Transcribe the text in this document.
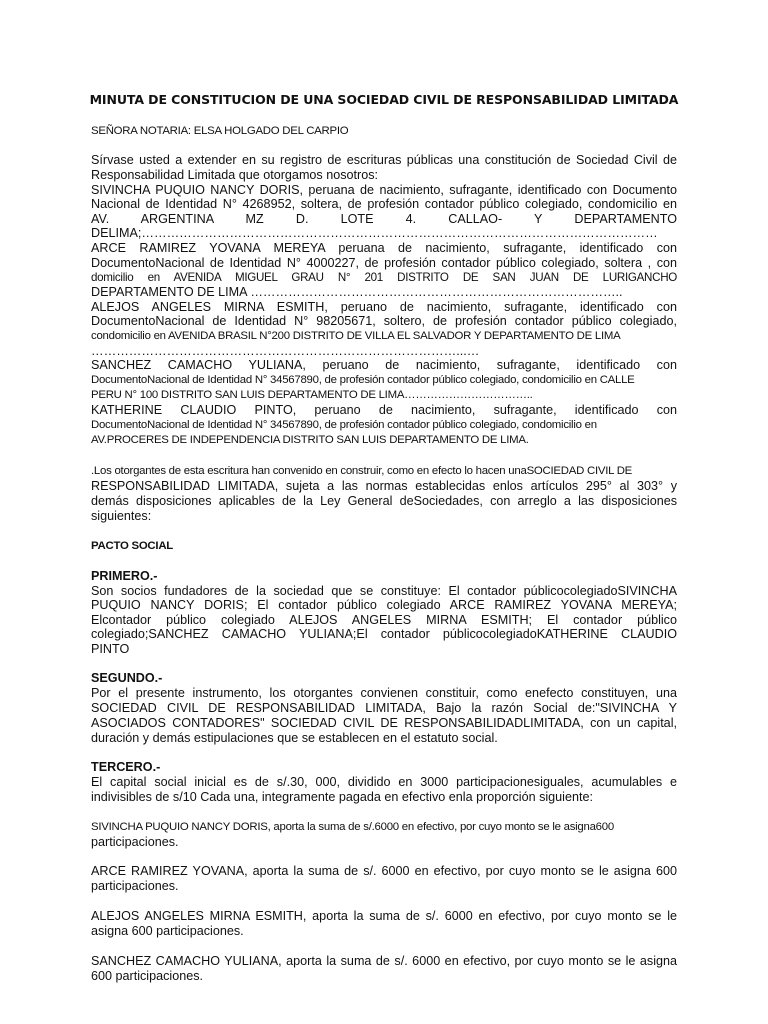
MINUTA DE CONSTITUCION DE UNA SOCIEDAD CIVIL DE RESPONSABILIDAD LIMITADA
SEÑORA NOTARIA: ELSA HOLGADO DEL CARPIO
Sírvase usted a extender en su registro de escrituras públicas una constitución de Sociedad Civil de
Responsabilidad Limitada que otorgamos nosotros:
SIVINCHA PUQUIO NANCY DORIS, peruana de nacimiento, sufragante, identificado con Documento
Nacional de Identidad N° 4268952, soltera, de profesión contador público colegiado, condomicilio en
AV. ARGENTINA MZ D. LOTE 4. CALLAO- Y DEPARTAMENTO
DELIMA;……………………………………………………………………………………………………………
ARCE RAMIREZ YOVANA MEREYA peruana de nacimiento, sufragante, identificado con
DocumentoNacional de Identidad N° 4000227, de profesión contador público colegiado, soltera , con
domicilio en AVENIDA MIGUEL GRAU N° 201 DISTRITO DE SAN JUAN DE LURIGANCHO
DEPARTAMENTO DE LIMA ……………………………………………………………………………..
ALEJOS ANGELES MIRNA ESMITH, peruano de nacimiento, sufragante, identificado con
DocumentoNacional de Identidad N° 98205671, soltero, de profesión contador público colegiado,
condomicilio en AVENIDA BRASIL N°200 DISTRITO DE VILLA EL SALVADOR Y DEPARTAMENTO DE LIMA
……………………………………………………………………………...…
SANCHEZ CAMACHO YULIANA, peruano de nacimiento, sufragante, identificado con
DocumentoNacional de Identidad N° 34567890, de profesión contador público colegiado, condomicilio en CALLE
PERU N° 100 DISTRITO SAN LUIS DEPARTAMENTO DE LIMA……………………………..
KATHERINE CLAUDIO PINTO, peruano de nacimiento, sufragante, identificado con
DocumentoNacional de Identidad N° 34567890, de profesión contador público colegiado, condomicilio en
AV.PROCERES DE INDEPENDENCIA DISTRITO SAN LUIS DEPARTAMENTO DE LIMA.
.Los otorgantes de esta escritura han convenido en construir, como en efecto lo hacen unaSOCIEDAD CIVIL DE
RESPONSABILIDAD LIMITADA, sujeta a las normas establecidas enlos artículos 295° al 303° y
demás disposiciones aplicables de la Ley General deSociedades, con arreglo a las disposiciones
siguientes:
PACTO SOCIAL
PRIMERO.-
Son socios fundadores de la sociedad que se constituye: El contador públicocolegiadoSIVINCHA
PUQUIO NANCY DORIS; El contador público colegiado ARCE RAMIREZ YOVANA MEREYA;
Elcontador público colegiado ALEJOS ANGELES MIRNA ESMITH; El contador público
colegiado;SANCHEZ CAMACHO YULIANA;El contador públicocolegiadoKATHERINE CLAUDIO
PINTO
SEGUNDO.-
Por el presente instrumento, los otorgantes convienen constituir, como enefecto constituyen, una
SOCIEDAD CIVIL DE RESPONSABILIDAD LIMITADA, Bajo la razón Social de:"SIVINCHA Y
ASOCIADOS CONTADORES" SOCIEDAD CIVIL DE RESPONSABILIDADLIMITADA, con un capital,
duración y demás estipulaciones que se establecen en el estatuto social.
TERCERO.-
El capital social inicial es de s/.30, 000, dividido en 3000 participacionesiguales, acumulables e
indivisibles de s/10 Cada una, integramente pagada en efectivo enla proporción siguiente:
SIVINCHA PUQUIO NANCY DORIS, aporta la suma de s/.6000 en efectivo, por cuyo monto se le asigna600
participaciones.
ARCE RAMIREZ YOVANA, aporta la suma de s/. 6000 en efectivo, por cuyo monto se le asigna 600
participaciones.
ALEJOS ANGELES MIRNA ESMITH, aporta la suma de s/. 6000 en efectivo, por cuyo monto se le
asigna 600 participaciones.
SANCHEZ CAMACHO YULIANA, aporta la suma de s/. 6000 en efectivo, por cuyo monto se le asigna
600 participaciones.
